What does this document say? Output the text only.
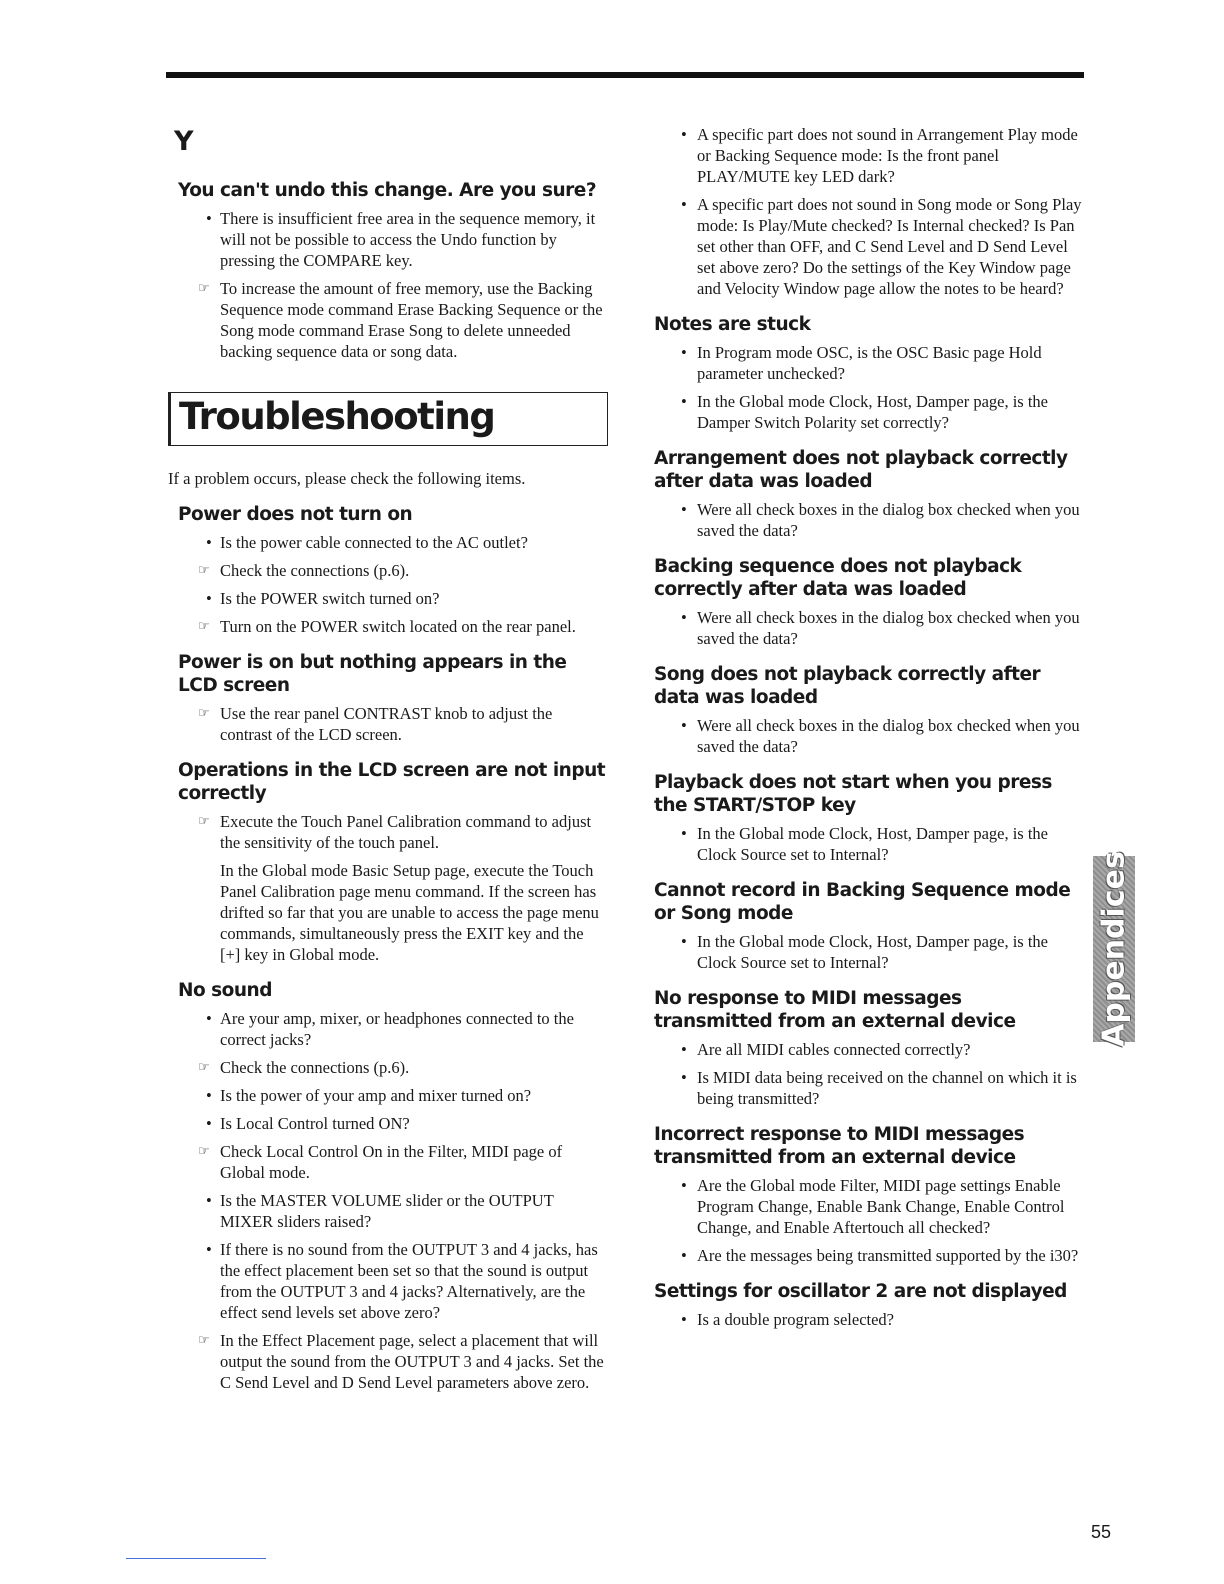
Y
You can't undo this change. Are you sure?
• There is insufficient free area in the sequence memory, it will not be possible to access the Undo function by pressing the COMPARE key.
☞ To increase the amount of free memory, use the Backing Sequence mode command Erase Backing Sequence or the Song mode command Erase Song to delete unneeded backing sequence data or song data.
Troubleshooting

If a problem occurs, please check the following items.

Power does not turn on
• Is the power cable connected to the AC outlet?
☞ Check the connections (p.6).
• Is the POWER switch turned on?
☞ Turn on the POWER switch located on the rear panel.
Power is on but nothing appears in the LCD screen
☞ Use the rear panel CONTRAST knob to adjust the contrast of the LCD screen.
Operations in the LCD screen are not input correctly
☞ Execute the Touch Panel Calibration command to adjust the sensitivity of the touch panel.
In the Global mode Basic Setup page, execute the Touch Panel Calibration page menu command. If the screen has drifted so far that you are unable to access the page menu commands, simultaneously press the EXIT key and the [+] key in Global mode.
No sound
• Are your amp, mixer, or headphones connected to the correct jacks?
☞ Check the connections (p.6).
• Is the power of your amp and mixer turned on?
• Is Local Control turned ON?
☞ Check Local Control On in the Filter, MIDI page of Global mode.
• Is the MASTER VOLUME slider or the OUTPUT MIXER sliders raised?
• If there is no sound from the OUTPUT 3 and 4 jacks, has the effect placement been set so that the sound is output from the OUTPUT 3 and 4 jacks? Alternatively, are the effect send levels set above zero?
☞ In the Effect Placement page, select a placement that will output the sound from the OUTPUT 3 and 4 jacks. Set the C Send Level and D Send Level parameters above zero.
• A specific part does not sound in Arrangement Play mode or Backing Sequence mode: Is the front panel PLAY/MUTE key LED dark?
• A specific part does not sound in Song mode or Song Play mode: Is Play/Mute checked? Is Internal checked? Is Pan set other than OFF, and C Send Level and D Send Level set above zero? Do the settings of the Key Window page and Velocity Window page allow the notes to be heard?
Notes are stuck
• In Program mode OSC, is the OSC Basic page Hold parameter unchecked?
• In the Global mode Clock, Host, Damper page, is the Damper Switch Polarity set correctly?
Arrangement does not playback correctly after data was loaded
• Were all check boxes in the dialog box checked when you saved the data?
Backing sequence does not playback correctly after data was loaded
• Were all check boxes in the dialog box checked when you saved the data?
Song does not playback correctly after data was loaded
• Were all check boxes in the dialog box checked when you saved the data?
Playback does not start when you press the START/STOP key
• In the Global mode Clock, Host, Damper page, is the Clock Source set to Internal?
Cannot record in Backing Sequence mode or Song mode
• In the Global mode Clock, Host, Damper page, is the Clock Source set to Internal?
No response to MIDI messages transmitted from an external device
• Are all MIDI cables connected correctly?
• Is MIDI data being received on the channel on which it is being transmitted?
Incorrect response to MIDI messages transmitted from an external device
• Are the Global mode Filter, MIDI page settings Enable Program Change, Enable Bank Change, Enable Control Change, and Enable Aftertouch all checked?
• Are the messages being transmitted supported by the i30?
Settings for oscillator 2 are not displayed
• Is a double program selected?
Appendices
55
